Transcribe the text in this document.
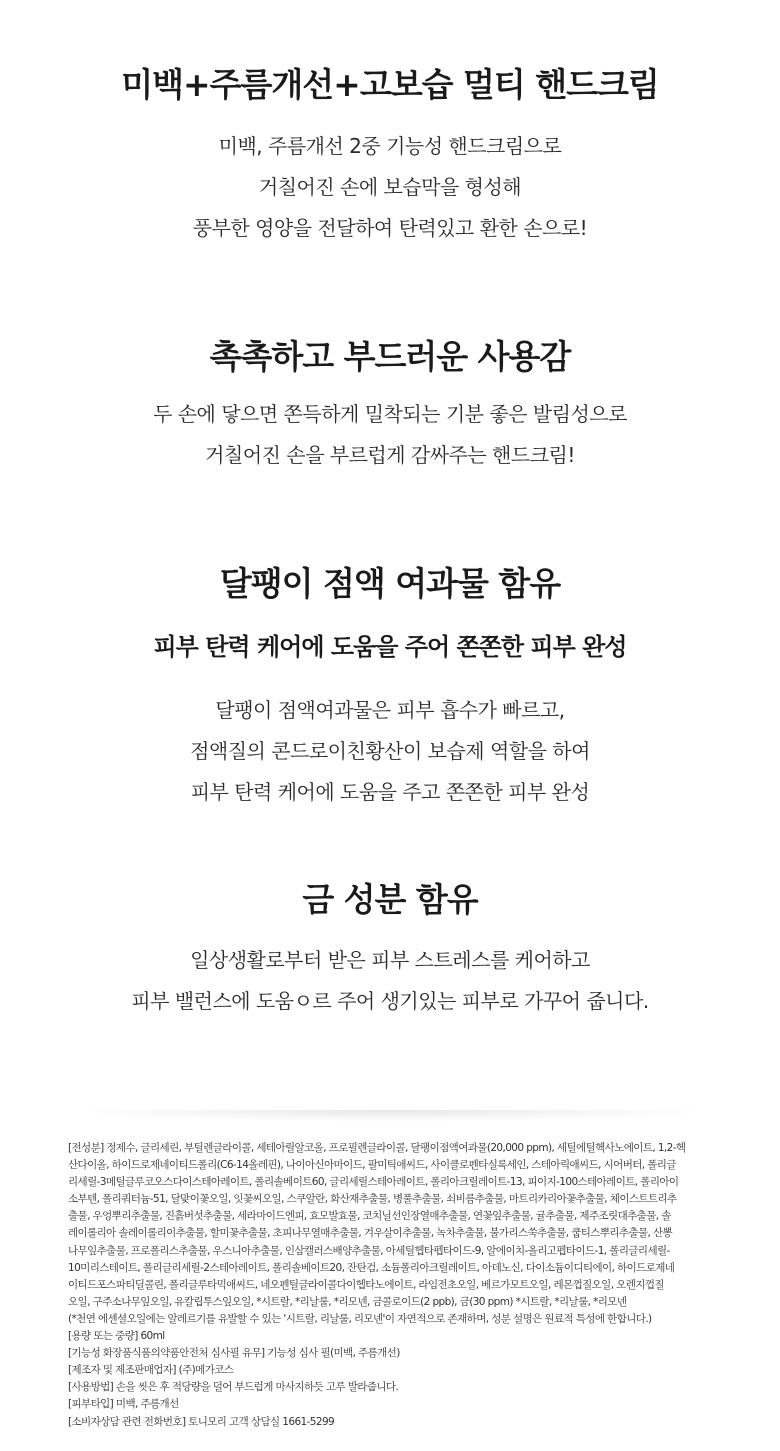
미백+주름개선+고보습 멀티 핸드크림
미백, 주름개선 2중 기능성 핸드크림으로
거칠어진 손에 보습막을 형성해
풍부한 영양을 전달하여 탄력있고 환한 손으로!
촉촉하고 부드러운 사용감
두 손에 닿으면 쫀득하게 밀착되는 기분 좋은 발림성으로
거칠어진 손을 부르럽게 감싸주는 핸드크림!
달팽이 점액 여과물 함유
피부 탄력 케어에 도움을 주어 쫀쫀한 피부 완성
달팽이 점액여과물은 피부 흡수가 빠르고,
점액질의 콘드로이친황산이 보습제 역할을 하여
피부 탄력 케어에 도움을 주고 쫀쫀한 피부 완성
금 성분 함유
일상생활로부터 받은 피부 스트레스를 케어하고
피부 밸런스에 도움ㅇ르 주어 생기있는 피부로 가꾸어 줍니다.
[전성분] 정제수, 글리세린, 부틸렌글라이콜, 세테아릴알코올, 프로필렌글라이콜, 달팽이점액여과물(20,000 ppm), 세틸에틸헥사노에이트, 1,2-헥
산다이올, 하이드로제네이티드폴리(C6-14올레핀), 나이아신아마이드, 팔미틱애씨드, 사이클로펜타실록세인, 스테아릭애씨드, 시어버터, 폴리글
리세릴-3메틸글루코오스다이스테아레이트, 폴리솔베이트60, 글리세릴스테아레이트, 폴리아크릴레이트-13, 피이지-100스테아레이트, 폴리아이
소부텐, 폴리쿼터늄-51, 달맞이꽃오일, 잇꽃씨오일, 스쿠알란, 화산재추출물, 병풀추출물, 쇠비름추출물, 마트리카리아꽃추출물, 체이스트트리추
출물, 우엉뿌리추출물, 진흙버섯추출물, 세라마이드엔피, 효모발효물, 코치닐선인장열매추출물, 연꽃잎추출물, 귤추출물, 제주조릿대추출물, 솔
레이롤리아 솔레이롤리이추출물, 할미꽃추출물, 초피나무열매추출물, 겨우살이추출물, 녹차추출물, 불가리스쑥추출물, 쿱티스뿌리추출물, 산뽕
나무잎추출물, 프로폴리스추출물, 우스니아추출물, 인삼캘러스배양추출물, 아세틸헵타펩타이드-9, 알에이치-올리고펩타이드-1, 폴리글리세릴-
10미리스테이트, 폴리글리세릴-2스테아레이트, 폴리솔베이트20, 잔탄검, 소듐폴리아크릴레이트, 아데노신, 다이소듐이디티에이, 하이드로제네
이티드포스파티딜콜린, 폴리글루타믹애씨드, 네오펜틸글라이콜다이헵타노에이트, 라임전초오일, 베르가모트오일, 레몬껍질오일, 오렌지껍질
오일, 구주소나무잎오일, 유칼립투스잎오일, *시트랄, *리날룰, *리모넨, 금콜로이드(2 ppb), 금(30 ppm) *시트랄, *리날룰, *리모넨
(*천연 에센셜오일에는 알레르기를 유발할 수 있는 '시트랄, 리날룰, 리모넨'이 자연적으로 존재하며, 성분 설명은 원료적 특성에 한합니다.)
[용량 또는 중량] 60ml
[기능성 화장품식품의약품안전처 심사필 유무] 기능성 심사 필(미백, 주름개선)
[제조자 및 제조판매업자] (주)메가코스
[사용방법] 손을 씻은 후 적당량을 덜어 부드럽게 마사지하듯 고루 발라줍니다.
[피부타입] 미백, 주름개선
[소비자상담 관련 전화번호] 토니모리 고객 상담실 1661-5299
